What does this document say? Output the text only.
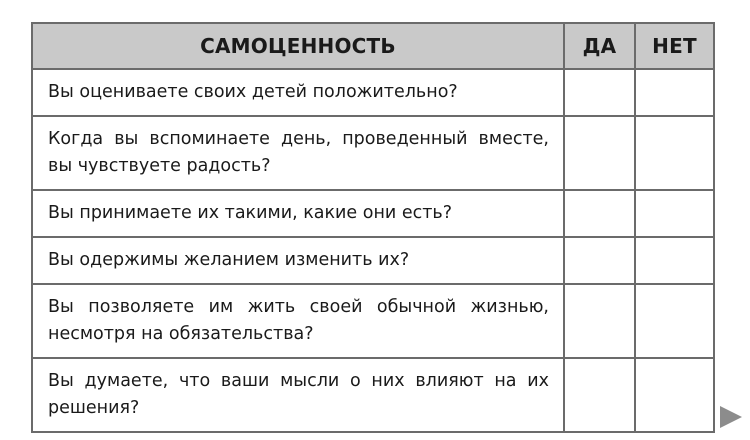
САМОЦЕННОСТЬ	ДА	НЕТ
Вы оцениваете своих детей положительно?		
Когда вы вспоминаете день, проведенный вместе, вы чувствуете радость?		
Вы принимаете их такими, какие они есть?		
Вы одержимы желанием изменить их?		
Вы позволяете им жить своей обычной жизнью, несмотря на обязательства?		
Вы думаете, что ваши мысли о них влияют на их решения?		
